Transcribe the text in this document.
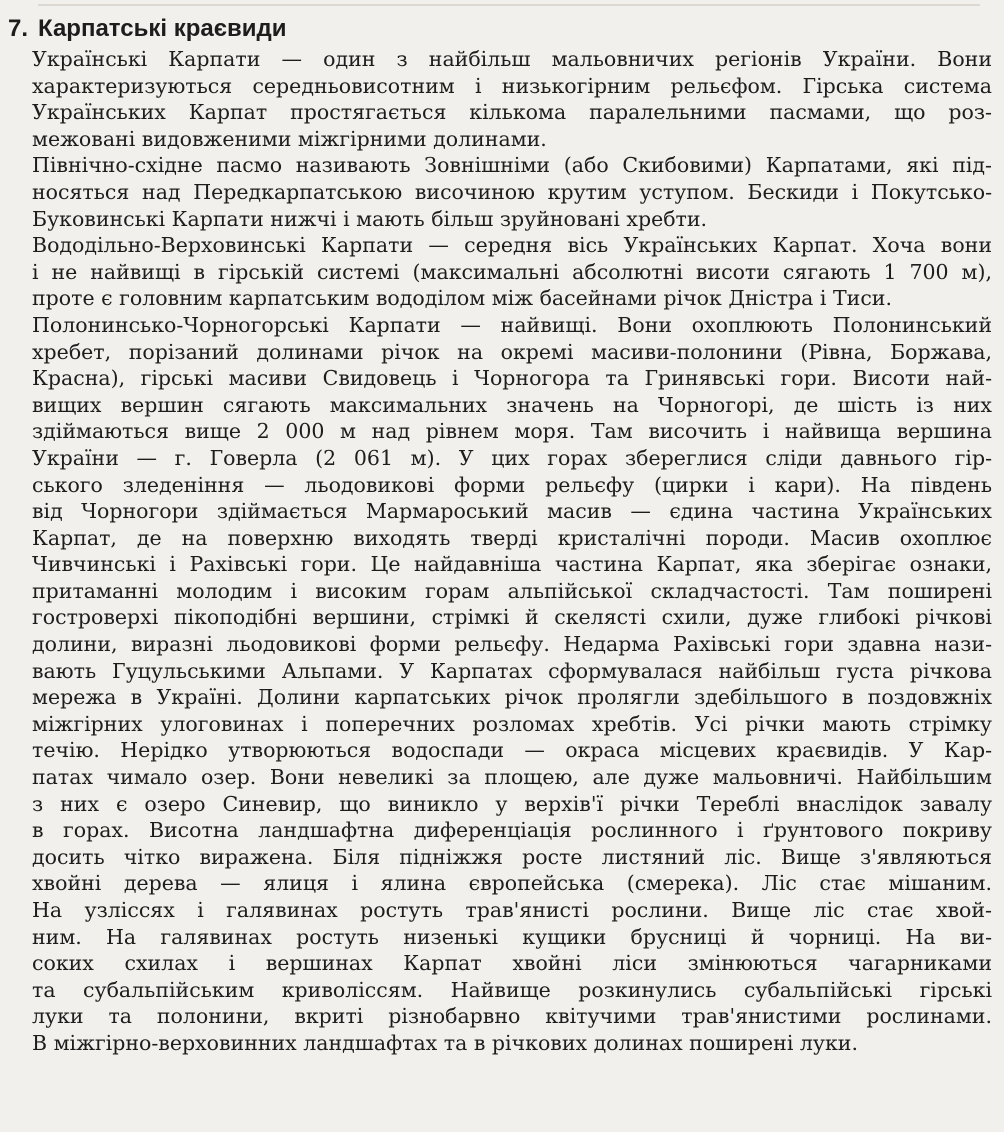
7. Карпатські краєвиди

Українські Карпати — один з найбільш мальовничих регіонів України. Вони
характеризуються середньовисотним і низькогірним рельєфом. Гірська система
Українських Карпат простягається кількома паралельними пасмами, що роз-
межовані видовженими міжгірними долинами.

Північно-східне пасмо називають Зовнішніми (або Скибовими) Карпатами, які під-
носяться над Передкарпатською височиною крутим уступом. Бескиди і Покутсько-
Буковинські Карпати нижчі і мають більш зруйновані хребти.

Вододільно-Верховинські Карпати — середня вісь Українських Карпат. Хоча вони
і не найвищі в гірській системі (максимальні абсолютні висоти сягають 1 700 м),
проте є головним карпатським вододілом між басейнами річок Дністра і Тиси.

Полонинсько-Чорногорські Карпати — найвищі. Вони охоплюють Полонинський
хребет, порізаний долинами річок на окремі масиви-полонини (Рівна, Боржава,
Красна), гірські масиви Свидовець і Чорногора та Гринявські гори. Висоти най-
вищих вершин сягають максимальних значень на Чорногорі, де шість із них
здіймаються вище 2 000 м над рівнем моря. Там височить і найвища вершина
України — г. Говерла (2 061 м). У цих горах збереглися сліди давнього гір-
ського зледеніння — льодовикові форми рельєфу (цирки і кари). На південь
від Чорногори здіймається Мармароський масив — єдина частина Українських
Карпат, де на поверхню виходять тверді кристалічні породи. Масив охоплює
Чивчинські і Рахівські гори. Це найдавніша частина Карпат, яка зберігає ознаки,
притаманні молодим і високим горам альпійської складчастості. Там поширені
гостроверхі пікоподібні вершини, стрімкі й скелясті схили, дуже глибокі річкові
долини, виразні льодовикові форми рельєфу. Недарма Рахівські гори здавна нази-
вають Гуцульськими Альпами. У Карпатах сформувалася найбільш густа річкова
мережа в Україні. Долини карпатських річок пролягли здебільшого в поздовжніх
міжгірних улоговинах і поперечних розломах хребтів. Усі річки мають стрімку
течію. Нерідко утворюються водоспади — окраса місцевих краєвидів. У Кар-
патах чимало озер. Вони невеликі за площею, але дуже мальовничі. Найбільшим
з них є озеро Синевир, що виникло у верхів'ї річки Тереблі внаслідок завалу
в горах. Висотна ландшафтна диференціація рослинного і ґрунтового покриву
досить чітко виражена. Біля підніжжя росте листяний ліс. Вище з'являються
хвойні дерева — ялиця і ялина європейська (смерека). Ліс стає мішаним.
На узліссях і галявинах ростуть трав'янисті рослини. Вище ліс стає хвой-
ним. На галявинах ростуть низенькі кущики брусниці й чорниці. На ви-
соких схилах і вершинах Карпат хвойні ліси змінюються чагарниками
та субальпійським криволіссям. Найвище розкинулись субальпійські гірські
луки та полонини, вкриті різнобарвно квітучими трав'янистими рослинами.
В міжгірно-верховинних ландшафтах та в річкових долинах поширені луки.
